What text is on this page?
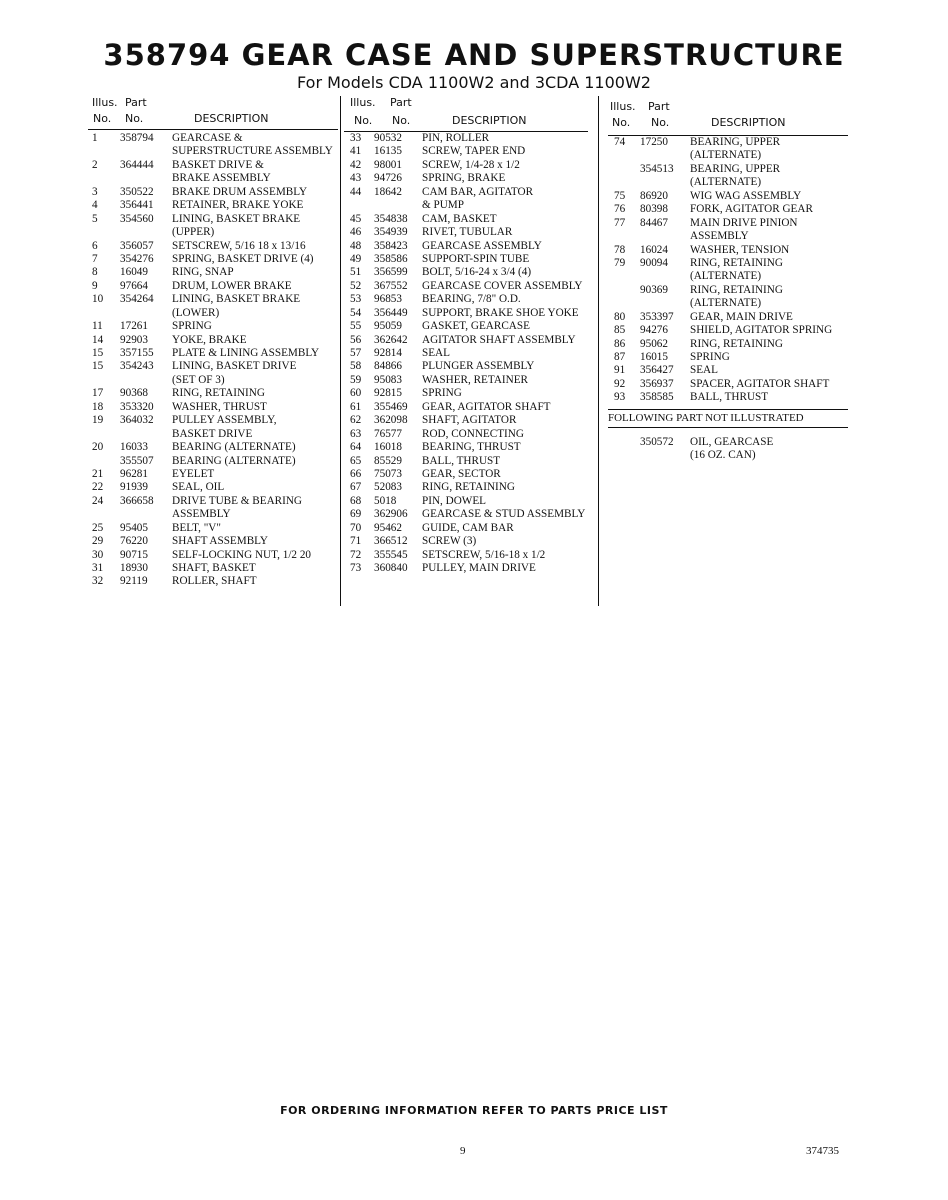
358794 GEAR CASE AND SUPERSTRUCTURE
For Models CDA 1100W2 and 3CDA 1100W2
Illus. Part
No. No.	DESCRIPTION
1 358794 GEARCASE &
SUPERSTRUCTURE ASSEMBLY
2 364444 BASKET DRIVE &
BRAKE ASSEMBLY
3 350522 BRAKE DRUM ASSEMBLY
4 356441 RETAINER, BRAKE YOKE
5 354560 LINING, BASKET BRAKE
(UPPER)
6 356057 SETSCREW, 5/16 18 x 13/16
7 354276 SPRING, BASKET DRIVE (4)
8 16049 RING, SNAP
9 97664 DRUM, LOWER BRAKE
10 354264 LINING, BASKET BRAKE
(LOWER)
11 17261 SPRING
14 92903 YOKE, BRAKE
15 357155 PLATE & LINING ASSEMBLY
15 354243 LINING, BASKET DRIVE
(SET OF 3)
17 90368 RING, RETAINING
18 353320 WASHER, THRUST
19 364032 PULLEY ASSEMBLY,
BASKET DRIVE
20 16033 BEARING (ALTERNATE)
355507 BEARING (ALTERNATE)
21 96281 EYELET
22 91939 SEAL, OIL
24 366658 DRIVE TUBE & BEARING
ASSEMBLY
25 95405 BELT, "V"
29 76220 SHAFT ASSEMBLY
30 90715 SELF-LOCKING NUT, 1/2 20
31 18930 SHAFT, BASKET
32 92119 ROLLER, SHAFT
Illus. Part
No. No.	DESCRIPTION
33 90532 PIN, ROLLER
41 16135 SCREW, TAPER END
42 98001 SCREW, 1/4-28 x 1/2
43 94726 SPRING, BRAKE
44 18642 CAM BAR, AGITATOR
& PUMP
45 354838 CAM, BASKET
46 354939 RIVET, TUBULAR
48 358423 GEARCASE ASSEMBLY
49 358586 SUPPORT-SPIN TUBE
51 356599 BOLT, 5/16-24 x 3/4 (4)
52 367552 GEARCASE COVER ASSEMBLY
53 96853 BEARING, 7/8" O.D.
54 356449 SUPPORT, BRAKE SHOE YOKE
55 95059 GASKET, GEARCASE
56 362642 AGITATOR SHAFT ASSEMBLY
57 92814 SEAL
58 84866 PLUNGER ASSEMBLY
59 95083 WASHER, RETAINER
60 92815 SPRING
61 355469 GEAR, AGITATOR SHAFT
62 362098 SHAFT, AGITATOR
63 76577 ROD, CONNECTING
64 16018 BEARING, THRUST
65 85529 BALL, THRUST
66 75073 GEAR, SECTOR
67 52083 RING, RETAINING
68 5018 PIN, DOWEL
69 362906 GEARCASE & STUD ASSEMBLY
70 95462 GUIDE, CAM BAR
71 366512 SCREW (3)
72 355545 SETSCREW, 5/16-18 x 1/2
73 360840 PULLEY, MAIN DRIVE
Illus. Part
No. No.	DESCRIPTION
74 17250 BEARING, UPPER
(ALTERNATE)
354513 BEARING, UPPER
(ALTERNATE)
75 86920 WIG WAG ASSEMBLY
76 80398 FORK, AGITATOR GEAR
77 84467 MAIN DRIVE PINION
ASSEMBLY
78 16024 WASHER, TENSION
79 90094 RING, RETAINING
(ALTERNATE)
90369 RING, RETAINING
(ALTERNATE)
80 353397 GEAR, MAIN DRIVE
85 94276 SHIELD, AGITATOR SPRING
86 95062 RING, RETAINING
87 16015 SPRING
91 356427 SEAL
92 356937 SPACER, AGITATOR SHAFT
93 358585 BALL, THRUST
FOLLOWING PART NOT ILLUSTRATED
350572 OIL, GEARCASE
(16 OZ. CAN)
FOR ORDERING INFORMATION REFER TO PARTS PRICE LIST
9	374735
